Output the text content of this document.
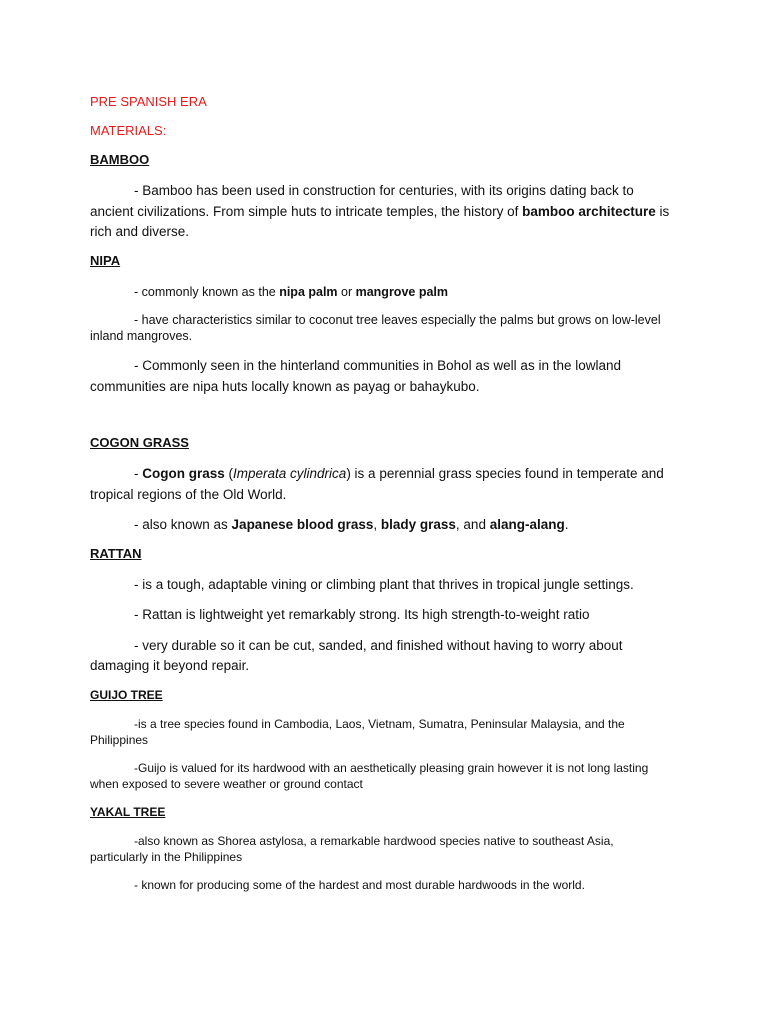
PRE SPANISH ERA
MATERIALS:
BAMBOO

- Bamboo has been used in construction for centuries, with its origins dating back to ancient civilizations. From simple huts to intricate temples, the history of bamboo architecture is rich and diverse.

NIPA

- commonly known as the nipa palm or mangrove palm

- have characteristics similar to coconut tree leaves especially the palms but grows on low-level inland mangroves.

- Commonly seen in the hinterland communities in Bohol as well as in the lowland communities are nipa huts locally known as payag or bahaykubo.

COGON GRASS

- Cogon grass (Imperata cylindrica) is a perennial grass species found in temperate and tropical regions of the Old World.

- also known as Japanese blood grass, blady grass, and alang-alang.

RATTAN

- is a tough, adaptable vining or climbing plant that thrives in tropical jungle settings.

- Rattan is lightweight yet remarkably strong. Its high strength-to-weight ratio

- very durable so it can be cut, sanded, and finished without having to worry about damaging it beyond repair.

GUIJO TREE

-is a tree species found in Cambodia, Laos, Vietnam, Sumatra, Peninsular Malaysia, and the Philippines

-Guijo is valued for its hardwood with an aesthetically pleasing grain however it is not long lasting when exposed to severe weather or ground contact

YAKAL TREE

-also known as Shorea astylosa, a remarkable hardwood species native to southeast Asia, particularly in the Philippines

- known for producing some of the hardest and most durable hardwoods in the world.
